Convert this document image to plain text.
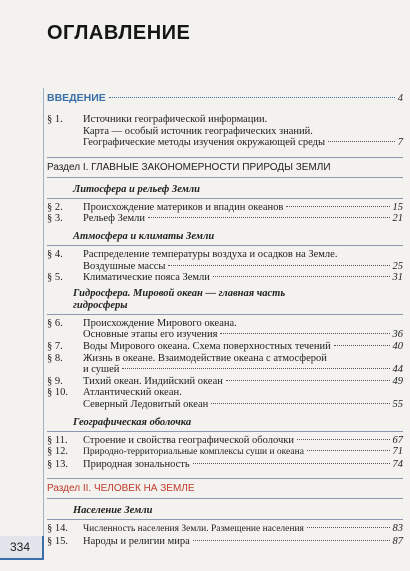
ОГЛАВЛЕНИЕ
ВВЕДЕНИЕ	4
§ 1. Источники географической информации.
Карта — особый источник географических знаний.
Географические методы изучения окружающей среды	7
Раздел I. ГЛАВНЫЕ ЗАКОНОМЕРНОСТИ ПРИРОДЫ ЗЕМЛИ
Литосфера и рельеф Земли
§ 2. Происхождение материков и впадин океанов	15
§ 3. Рельеф Земли	21
Атмосфера и климаты Земли
§ 4. Распределение температуры воздуха и осадков на Земле.
Воздушные массы	25
§ 5. Климатические пояса Земли	31
Гидросфера. Мировой океан — главная часть
гидросферы
§ 6. Происхождение Мирового океана.
Основные этапы его изучения	36
§ 7. Воды Мирового океана. Схема поверхностных течений	40
§ 8. Жизнь в океане. Взаимодействие океана с атмосферой
и сушей	44
§ 9. Тихий океан. Индийский океан	49
§ 10. Атлантический океан.
Северный Ледовитый океан	55
Географическая оболочка
§ 11. Строение и свойства географической оболочки	67
§ 12. Природно-территориальные комплексы суши и океана	71
§ 13. Природная зональность	74
Раздел II. ЧЕЛОВЕК НА ЗЕМЛЕ
Население Земли
§ 14. Численность населения Земли. Размещение населения	83
§ 15. Народы и религии мира	87
334
